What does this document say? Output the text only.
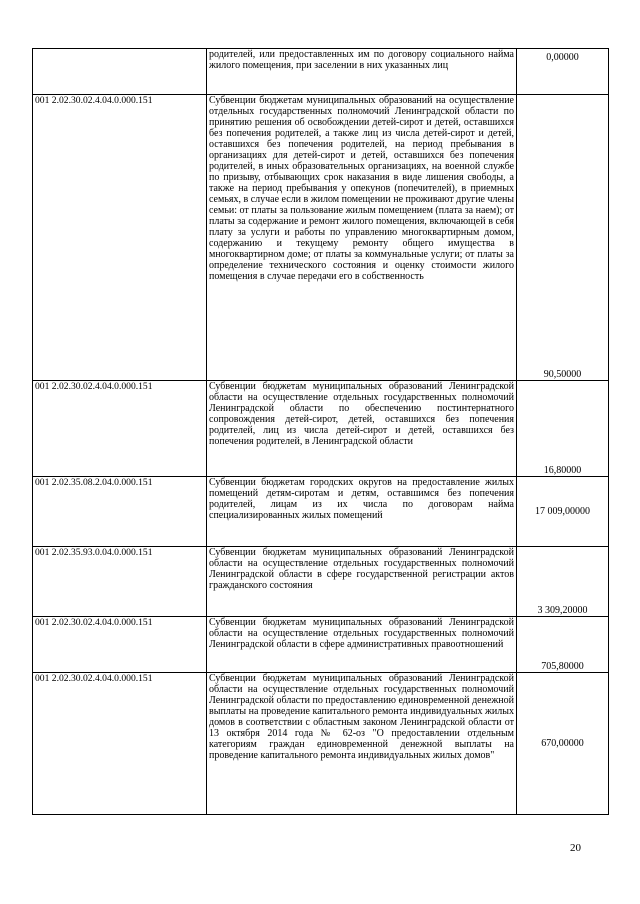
	родителей, или предоставленных им по договору социального найма жилого помещения, при заселении в них указанных лиц	0,00000
001 2.02.30.02.4.04.0.000.151	Субвенции бюджетам муниципальных образований на осуществление отдельных государственных полномочий Ленинградской области по принятию решения об освобождении детей-сирот и детей, оставшихся без попечения родителей, а также лиц из числа детей-сирот и детей, оставшихся без попечения родителей, на период пребывания в организациях для детей-сирот и детей, оставшихся без попечения родителей, в иных образовательных организациях, на военной службе по призыву, отбывающих срок наказания в виде лишения свободы, а также на период пребывания у опекунов (попечителей), в приемных семьях, в случае если в жилом помещении не проживают другие члены семьи: от платы за пользование жилым помещением (плата за наем); от платы за содержание и ремонт жилого помещения, включающей в себя плату за услуги и работы по управлению многоквартирным домом, содержанию и текущему ремонту общего имущества в многоквартирном доме; от платы за коммунальные услуги; от платы за определение технического состояния и оценку стоимости жилого помещения в случае передачи его в собственность	90,50000
001 2.02.30.02.4.04.0.000.151	Субвенции бюджетам муниципальных образований Ленинградской области на осуществление отдельных государственных полномочий Ленинградской области по обеспечению постинтернатного сопровождения детей-сирот, детей, оставшихся без попечения родителей, лиц из числа детей-сирот и детей, оставшихся без попечения родителей, в Ленинградской области	16,80000
001 2.02.35.08.2.04.0.000.151	Субвенции бюджетам городских округов на предоставление жилых помещений детям-сиротам и детям, оставшимся без попечения родителей, лицам из их числа по договорам найма специализированных жилых помещений	17 009,00000
001 2.02.35.93.0.04.0.000.151	Субвенции бюджетам муниципальных образований Ленинградской области на осуществление отдельных государственных полномочий Ленинградской области в сфере государственной регистрации актов гражданского состояния	3 309,20000
001 2.02.30.02.4.04.0.000.151	Субвенции бюджетам муниципальных образований Ленинградской области на осуществление отдельных государственных полномочий Ленинградской области в сфере административных правоотношений	705,80000
001 2.02.30.02.4.04.0.000.151	Субвенции бюджетам муниципальных образований Ленинградской области на осуществление отдельных государственных полномочий Ленинградской области по предоставлению единовременной денежной выплаты на проведение капитального ремонта индивидуальных жилых домов в соответствии с областным законом Ленинградской области от 13 октября 2014 года № 62-оз "О предоставлении отдельным категориям граждан единовременной денежной выплаты на проведение капитального ремонта индивидуальных жилых домов"	670,00000
20
